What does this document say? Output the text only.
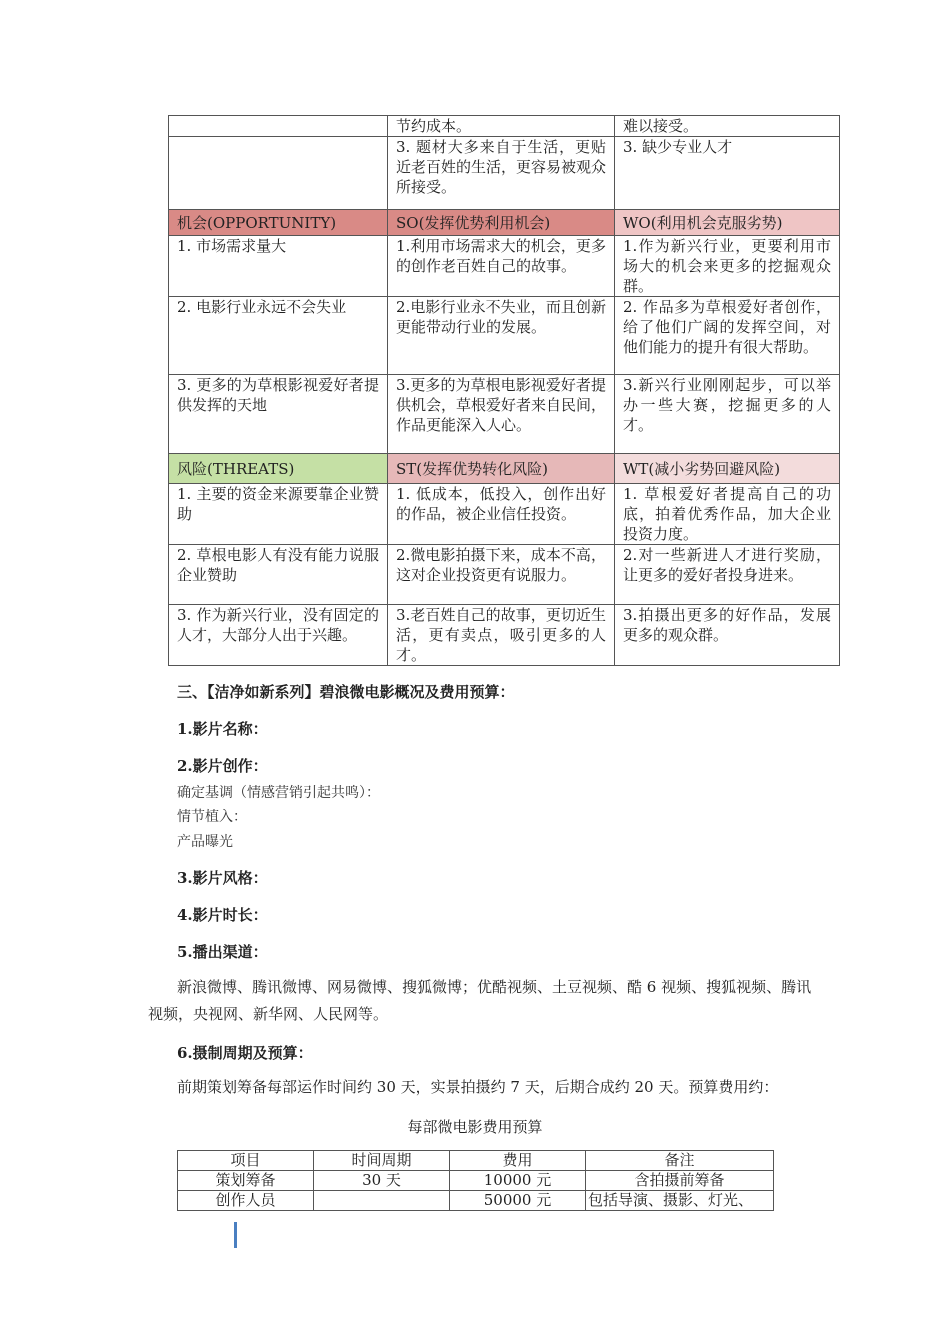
	节约成本。	难以接受。
	3. 题材大多来自于生活，更贴近老百姓的生活，更容易被观众所接受。	3. 缺少专业人才
机会(OPPORTUNITY)	SO(发挥优势利用机会)	WO(利用机会克服劣势)
1. 市场需求量大	1.利用市场需求大的机会，更多的创作老百姓自己的故事。	1.作为新兴行业，更要利用市场大的机会来更多的挖掘观众群。
2. 电影行业永远不会失业	2.电影行业永不失业，而且创新更能带动行业的发展。	2. 作品多为草根爱好者创作，给了他们广阔的发挥空间，对他们能力的提升有很大帮助。
3. 更多的为草根影视爱好者提供发挥的天地	3.更多的为草根电影视爱好者提供机会，草根爱好者来自民间，作品更能深入人心。	3.新兴行业刚刚起步，可以举办一些大赛，挖掘更多的人才。
风险(THREATS)	ST(发挥优势转化风险)	WT(减小劣势回避风险)
1. 主要的资金来源要靠企业赞助	1. 低成本，低投入，创作出好的作品，被企业信任投资。	1. 草根爱好者提高自己的功底，拍着优秀作品，加大企业投资力度。
2. 草根电影人有没有能力说服企业赞助	2.微电影拍摄下来，成本不高，这对企业投资更有说服力。	2.对一些新进人才进行奖励，让更多的爱好者投身进来。
3. 作为新兴行业，没有固定的人才，大部分人出于兴趣。	3.老百姓自己的故事，更切近生活，更有卖点，吸引更多的人才。	3.拍摄出更多的好作品，发展更多的观众群。
三、【洁净如新系列】碧浪微电影概况及费用预算：
1.影片名称：
2.影片创作：
确定基调（情感营销引起共鸣）：
情节植入：
产品曝光
3.影片风格：
4.影片时长：
5.播出渠道：
新浪微博、腾讯微博、网易微博、搜狐微博；优酷视频、土豆视频、酷 6 视频、搜狐视频、腾讯视频，央视网、新华网、人民网等。
6.摄制周期及预算：
前期策划筹备每部运作时间约 30 天，实景拍摄约 7 天，后期合成约 20 天。预算费用约：
每部微电影费用预算
项目	时间周期	费用	备注
策划筹备	30 天	10000 元	含拍摄前筹备
创作人员		50000 元	包括导演、摄影、灯光、
